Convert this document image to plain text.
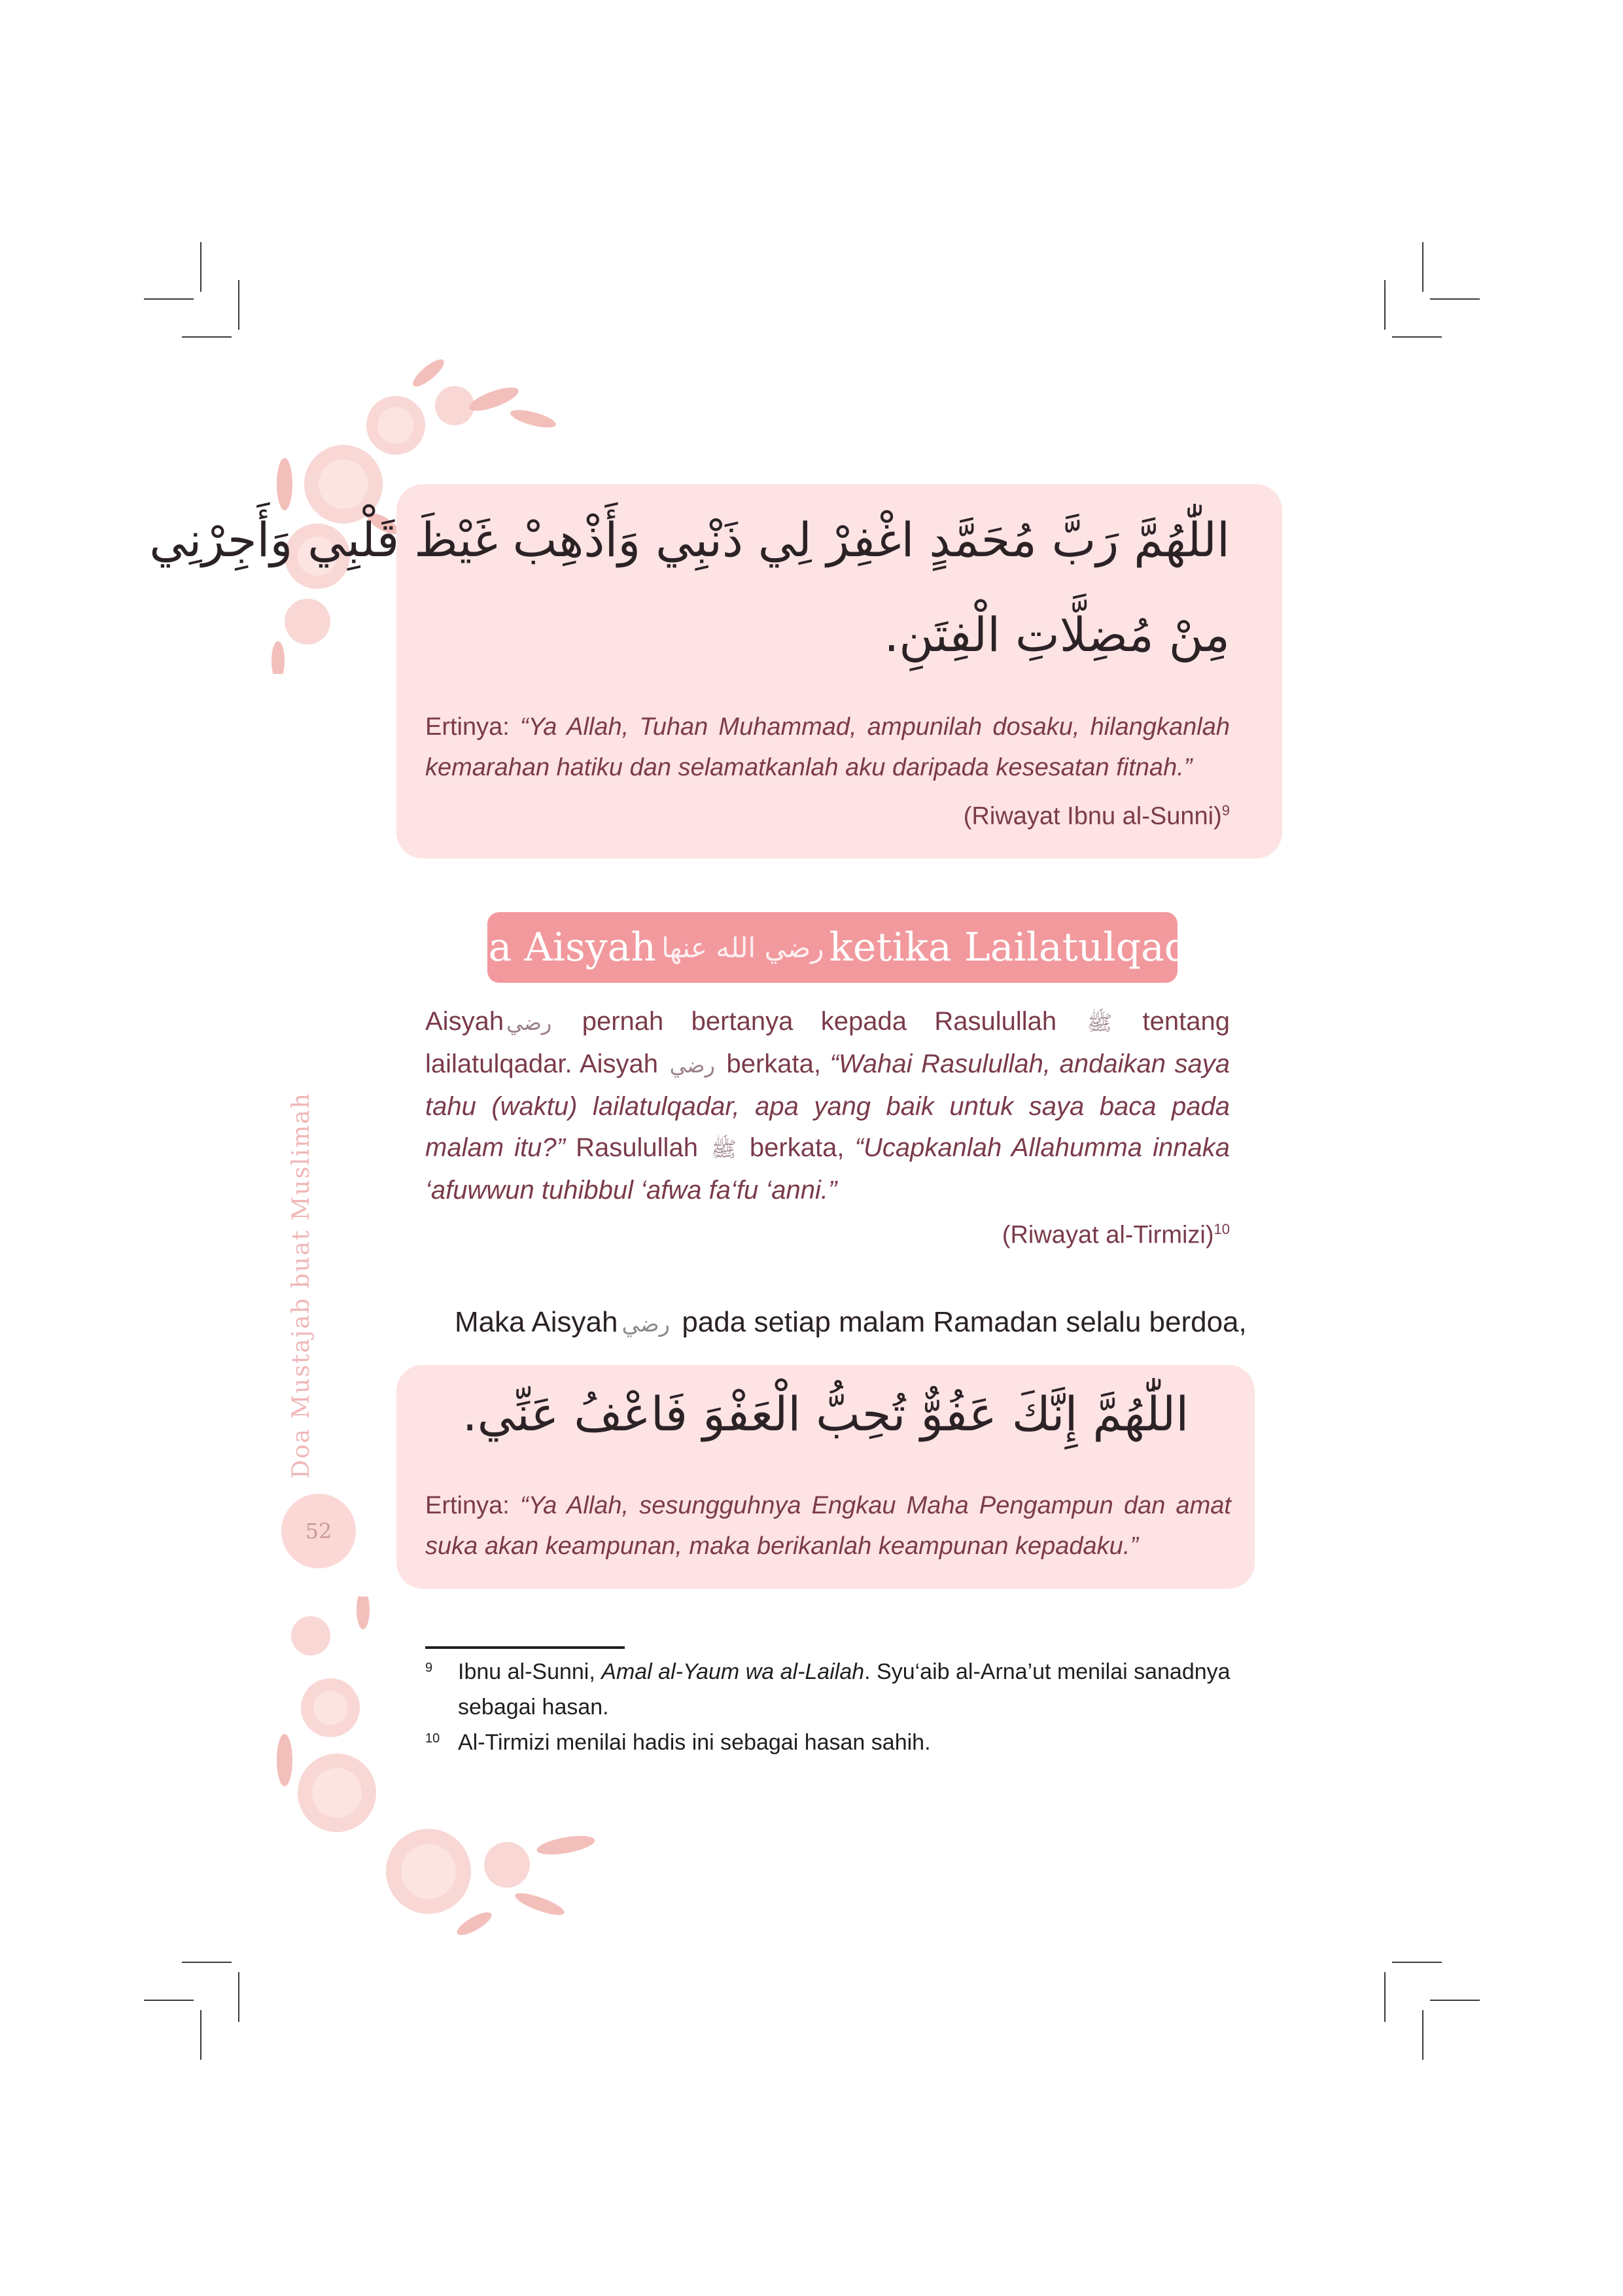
اللّٰهُمَّ رَبَّ مُحَمَّدٍ اغْفِرْ لِي ذَنْبِي وَأَذْهِبْ غَيْظَ قَلْبِي وَأَجِرْنِي
مِنْ مُضِلَّاتِ الْفِتَنِ.
Ertinya: “Ya Allah, Tuhan Muhammad, ampunilah dosaku, hilangkanlah kemarahan hatiku dan selamatkanlah aku daripada kesesatan fitnah.”
(Riwayat Ibnu al-Sunni)$^9$
Doa Aisyah رضي الله عنها ketika Lailatulqadar
Aisyah رضي pernah bertanya kepada Rasulullah ﷺ tentang lailatulqadar. Aisyah رضي berkata, “Wahai Rasulullah, andaikan saya tahu (waktu) lailatulqadar, apa yang baik untuk saya baca pada malam itu?” Rasulullah ﷺ berkata, “Ucapkanlah Allahumma innaka ‘afuwwun tuhibbul ‘afwa fa‘fu ‘anni.”
(Riwayat al-Tirmizi)$^{10}$
Maka Aisyah رضي pada setiap malam Ramadan selalu berdoa,
اللّٰهُمَّ إِنَّكَ عَفُوٌّ تُحِبُّ الْعَفْوَ فَاعْفُ عَنِّي.
Ertinya: “Ya Allah, sesungguhnya Engkau Maha Pengampun dan amat suka akan keampunan, maka berikanlah keampunan kepadaku.”
Doa Mustajab buat Muslimah
52
9 Ibnu al-Sunni, Amal al-Yaum wa al-Lailah. Syu‘aib al-Arna’ut menilai sanadnya sebagai hasan.
10 Al-Tirmizi menilai hadis ini sebagai hasan sahih.
